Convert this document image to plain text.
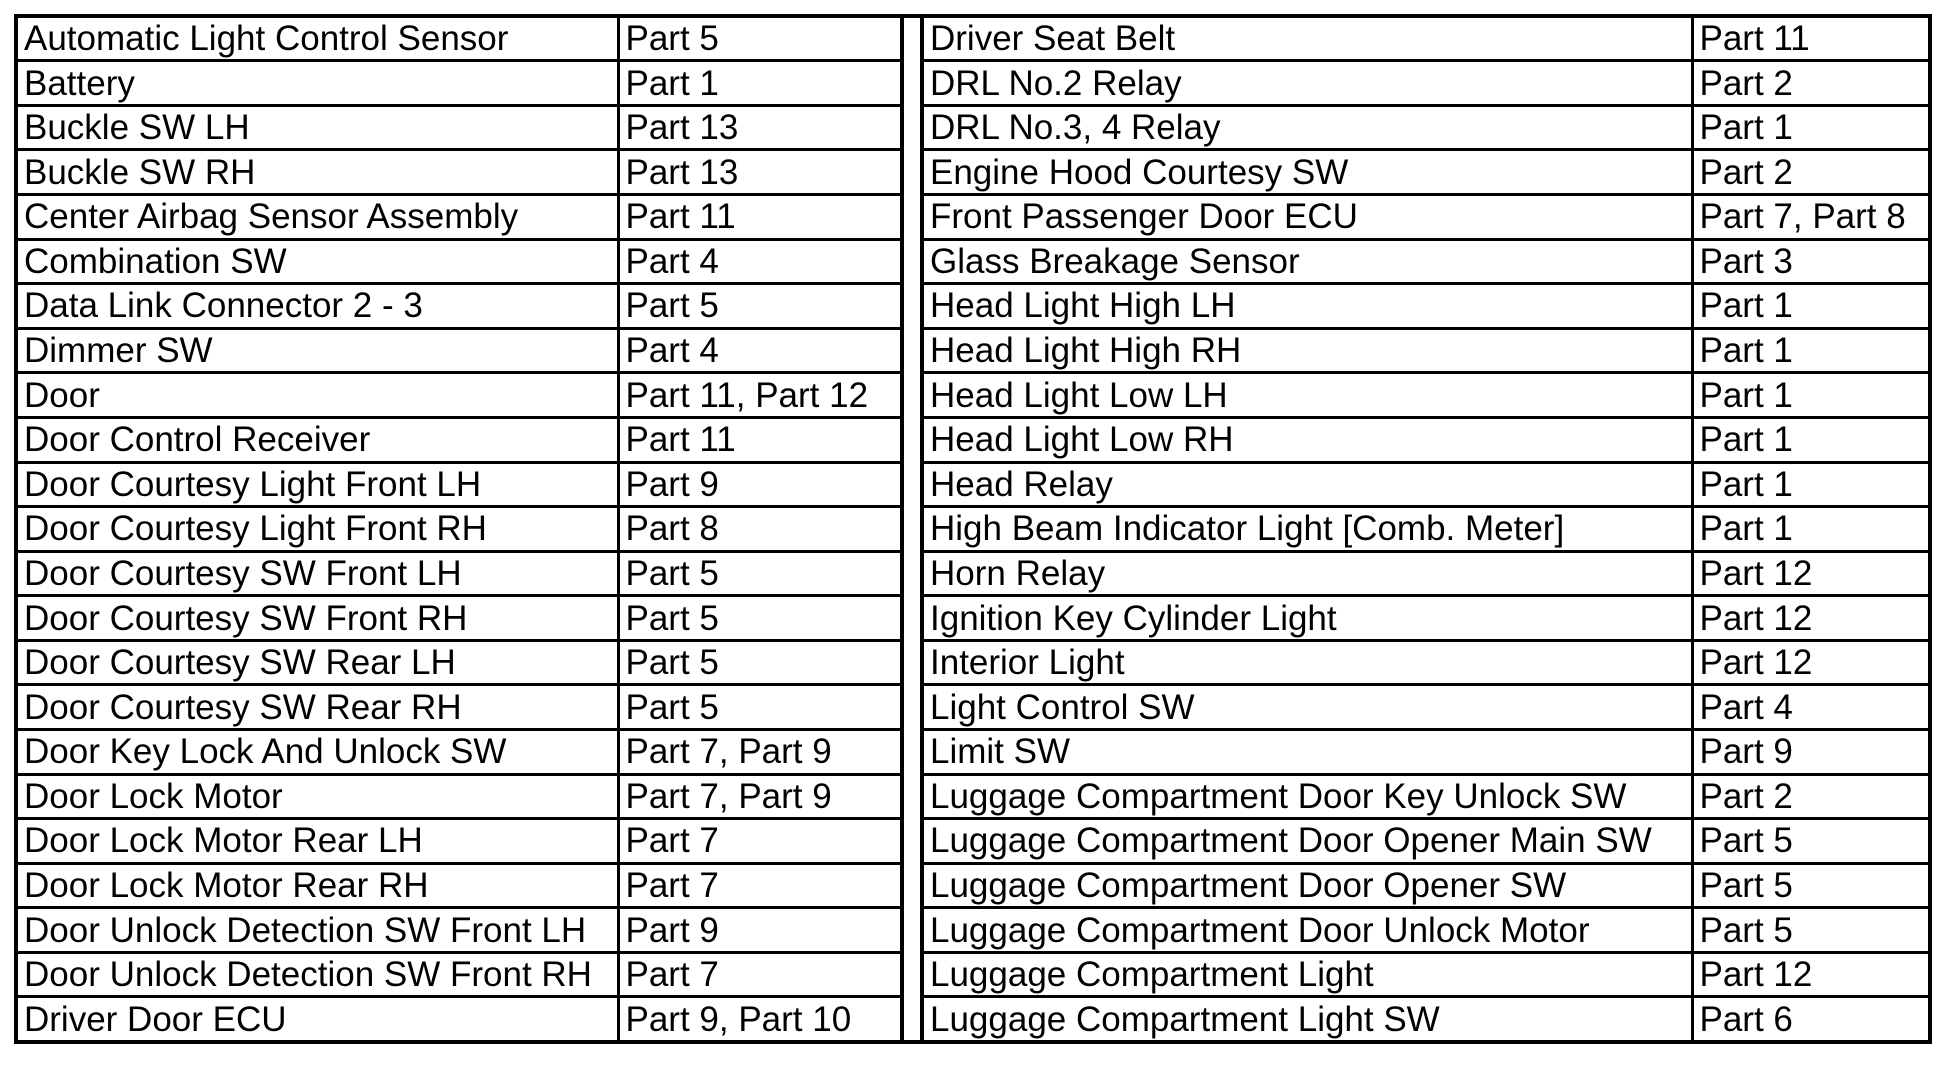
Automatic Light Control Sensor	Part 5
Battery	Part 1
Buckle SW LH	Part 13
Buckle SW RH	Part 13
Center Airbag Sensor Assembly	Part 11
Combination SW	Part 4
Data Link Connector 2 - 3	Part 5
Dimmer SW	Part 4
Door	Part 11, Part 12
Door Control Receiver	Part 11
Door Courtesy Light Front LH	Part 9
Door Courtesy Light Front RH	Part 8
Door Courtesy SW Front LH	Part 5
Door Courtesy SW Front RH	Part 5
Door Courtesy SW Rear LH	Part 5
Door Courtesy SW Rear RH	Part 5
Door Key Lock And Unlock SW	Part 7, Part 9
Door Lock Motor	Part 7, Part 9
Door Lock Motor Rear LH	Part 7
Door Lock Motor Rear RH	Part 7
Door Unlock Detection SW Front LH	Part 9
Door Unlock Detection SW Front RH	Part 7
Driver Door ECU	Part 9, Part 10
Driver Seat Belt	Part 11
DRL No.2 Relay	Part 2
DRL No.3, 4 Relay	Part 1
Engine Hood Courtesy SW	Part 2
Front Passenger Door ECU	Part 7, Part 8
Glass Breakage Sensor	Part 3
Head Light High LH	Part 1
Head Light High RH	Part 1
Head Light Low LH	Part 1
Head Light Low RH	Part 1
Head Relay	Part 1
High Beam Indicator Light [Comb. Meter]	Part 1
Horn Relay	Part 12
Ignition Key Cylinder Light	Part 12
Interior Light	Part 12
Light Control SW	Part 4
Limit SW	Part 9
Luggage Compartment Door Key Unlock SW	Part 2
Luggage Compartment Door Opener Main SW	Part 5
Luggage Compartment Door Opener SW	Part 5
Luggage Compartment Door Unlock Motor	Part 5
Luggage Compartment Light	Part 12
Luggage Compartment Light SW	Part 6
